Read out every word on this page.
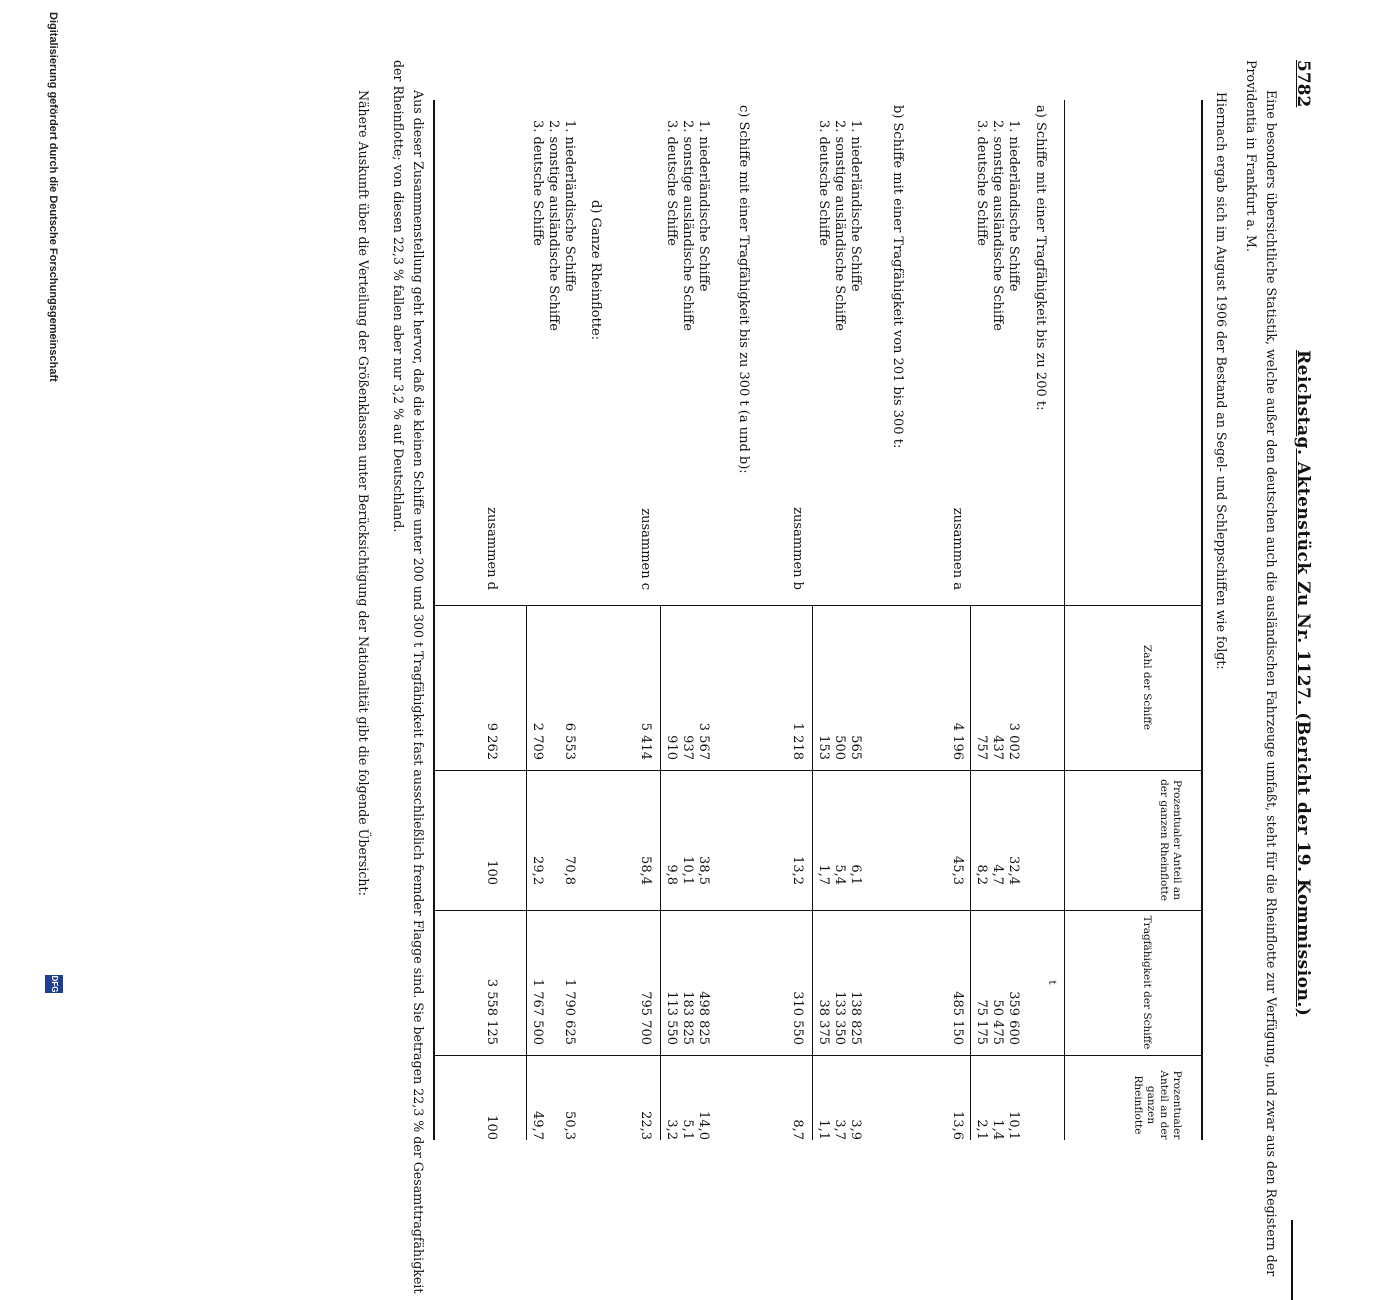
5782
Reichstag. Aktenstück Zu Nr. 1127. (Bericht der 19. Kommission.)
Eine besonders übersichtliche Statistik, welche außer den deutschen auch die ausländischen Fahrzeuge umfaßt, steht für die Rheinflotte zur Verfügung, und zwar aus den Registern der Providentia in Frankfurt a. M.
Hiernach ergab sich im August 1906 der Bestand an Segel- und Schleppschiffen wie folgt:
Zahl der Schiffe
Prozentualer Anteil an der ganzen Rheinflotte
Tragfähigkeit der Schiffe
Prozentualer Anteil an der ganzen Rheinflotte
t
a) Schiffe mit einer Tragfähigkeit bis zu 200 t:
1. niederländische Schiffe
3 002
32,4
359 600
10,1
2. sonstige ausländische Schiffe
437
4,7
50 475
1,4
3. deutsche Schiffe
757
8,2
75 175
2,1
zusammen a
4 196
45,3
485 150
13,6
b) Schiffe mit einer Tragfähigkeit von 201 bis 300 t:
1. niederländische Schiffe
565
6,1
138 825
3,9
2. sonstige ausländische Schiffe
500
5,4
133 350
3,7
3. deutsche Schiffe
153
1,7
38 375
1,1
zusammen b
1 218
13,2
310 550
8,7
c) Schiffe mit einer Tragfähigkeit bis zu 300 t (a und b):
1. niederländische Schiffe
3 567
38,5
498 825
14,0
2. sonstige ausländische Schiffe
937
10,1
183 825
5,1
3. deutsche Schiffe
910
9,8
113 550
3,2
zusammen c
5 414
58,4
795 700
22,3
d) Ganze Rheinflotte:
1. niederländische Schiffe
6 553
70,8
1 790 625
50,3
2. sonstige ausländische Schiffe
3. deutsche Schiffe
2 709
29,2
1 767 500
49,7
zusammen d
9 262
100
3 558 125
100
Aus dieser Zusammenstellung geht hervor, daß die kleinen Schiffe unter 200 und 300 t Tragfähigkeit fast ausschließlich fremder Flagge sind. Sie betragen 22,3 % der Gesamttragfähigkeit der Rheinflotte; von diesen 22,3 % fallen aber nur 3,2 % auf Deutschland.
Digitalisierung gefördert durch die Deutsche Forschungsgemeinschaft
DFG
Nähere Auskunft über die Verteilung der Größenklassen unter Berücksichtigung der Nationalität gibt die folgende Übersicht:
